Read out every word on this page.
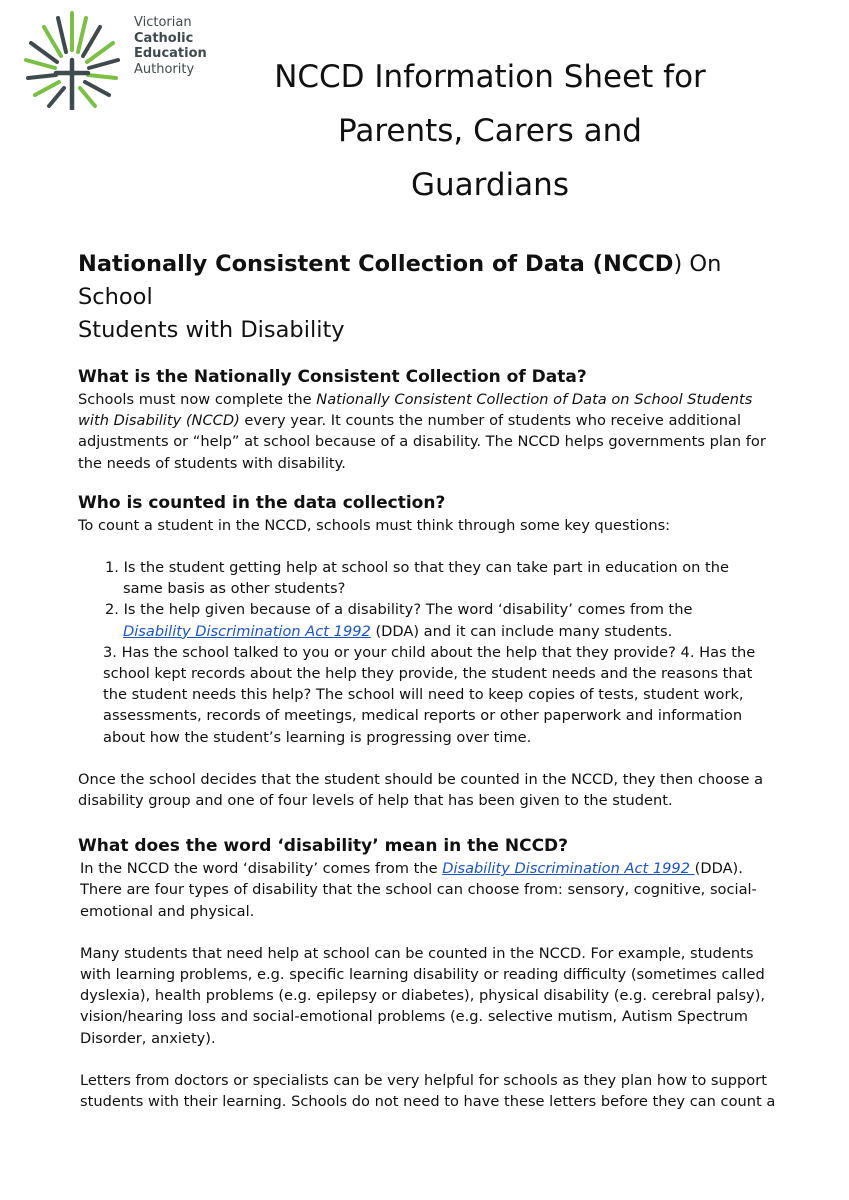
Victorian
Catholic
Education
Authority	NCCD Information Sheet for
Parents, Carers and Guardians
Nationally Consistent Collection of Data (NCCD) On School
Students with Disability
What is the Nationally Consistent Collection of Data?

Schools must now complete the Nationally Consistent Collection of Data on School Students with Disability (NCCD) every year. It counts the number of students who receive additional adjustments or “help” at school because of a disability. The NCCD helps governments plan for the needs of students with disability.

Who is counted in the data collection?

To count a student in the NCCD, schools must think through some key questions:

1. Is the student getting help at school so that they can take part in education on the same basis as other students?
2. Is the help given because of a disability? The word ‘disability’ comes from the Disability Discrimination Act 1992 (DDA) and it can include many students.
3. Has the school talked to you or your child about the help that they provide? 4. Has the school kept records about the help they provide, the student needs and the reasons that the student needs this help? The school will need to keep copies of tests, student work, assessments, records of meetings, medical reports or other paperwork and information about how the student’s learning is progressing over time.

Once the school decides that the student should be counted in the NCCD, they then choose a disability group and one of four levels of help that has been given to the student.

What does the word ‘disability’ mean in the NCCD?

In the NCCD the word ‘disability’ comes from the Disability Discrimination Act 1992 (DDA). There are four types of disability that the school can choose from: sensory, cognitive, social-emotional and physical.

Many students that need help at school can be counted in the NCCD. For example, students with learning problems, e.g. specific learning disability or reading difficulty (sometimes called dyslexia), health problems (e.g. epilepsy or diabetes), physical disability (e.g. cerebral palsy), vision/hearing loss and social-emotional problems (e.g. selective mutism, Autism Spectrum Disorder, anxiety).

Letters from doctors or specialists can be very helpful for schools as they plan how to support students with their learning. Schools do not need to have these letters before they can count a
